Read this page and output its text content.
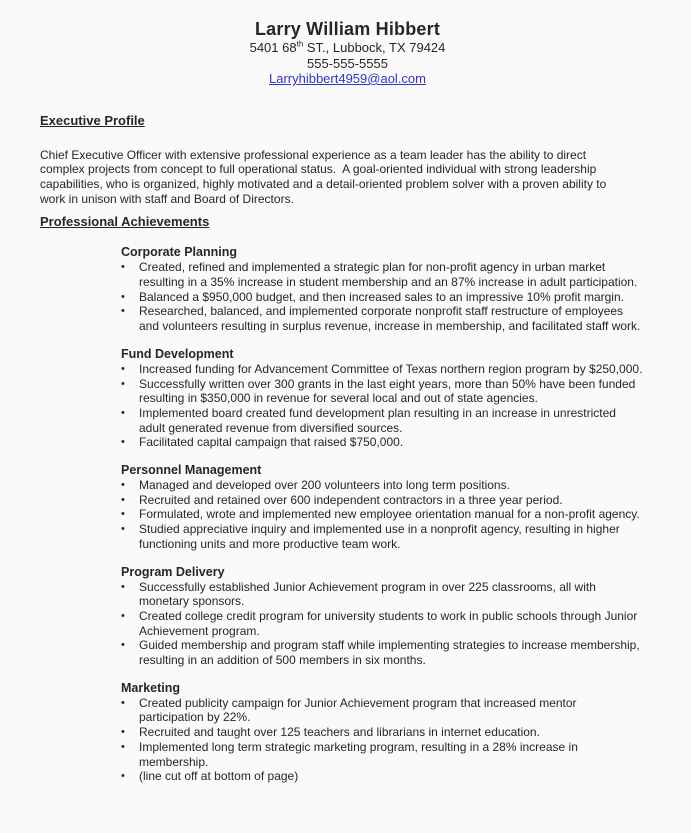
Larry William Hibbert
5401 68th ST., Lubbock, TX 79424
555-555-5555
Larryhibbert4959@aol.com
Executive Profile

Chief Executive Officer with extensive professional experience as a team leader has the ability to direct complex projects from concept to full operational status.  A goal-oriented individual with strong leadership capabilities, who is organized, highly motivated and a detail-oriented problem solver with a proven ability to work in unison with staff and Board of Directors.

Professional Achievements
Corporate Planning
•	Created, refined and implemented a strategic plan for non-profit agency in urban market resulting in a 35% increase in student membership and an 87% increase in adult participation.
•	Balanced a $950,000 budget, and then increased sales to an impressive 10% profit margin.
•	Researched, balanced, and implemented corporate nonprofit staff restructure of employees and volunteers resulting in surplus revenue, increase in membership, and facilitated staff work.
Fund Development
•	Increased funding for Advancement Committee of Texas northern region program by $250,000.
•	Successfully written over 300 grants in the last eight years, more than 50% have been funded resulting in $350,000 in revenue for several local and out of state agencies.
•	Implemented board created fund development plan resulting in an increase in unrestricted adult generated revenue from diversified sources.
•	Facilitated capital campaign that raised $750,000.
Personnel Management
•	Managed and developed over 200 volunteers into long term positions.
•	Recruited and retained over 600 independent contractors in a three year period.
•	Formulated, wrote and implemented new employee orientation manual for a non-profit agency.
•	Studied appreciative inquiry and implemented use in a nonprofit agency, resulting in higher functioning units and more productive team work.
Program Delivery
•	Successfully established Junior Achievement program in over 225 classrooms, all with monetary sponsors.
•	Created college credit program for university students to work in public schools through Junior Achievement program.
•	Guided membership and program staff while implementing strategies to increase membership, resulting in an addition of 500 members in six months.
Marketing
•	Created publicity campaign for Junior Achievement program that increased mentor participation by 22%.
•	Recruited and taught over 125 teachers and librarians in internet education.
•	Implemented long term strategic marketing program, resulting in a 28% increase in membership.
•	(line cut off at bottom of page)
